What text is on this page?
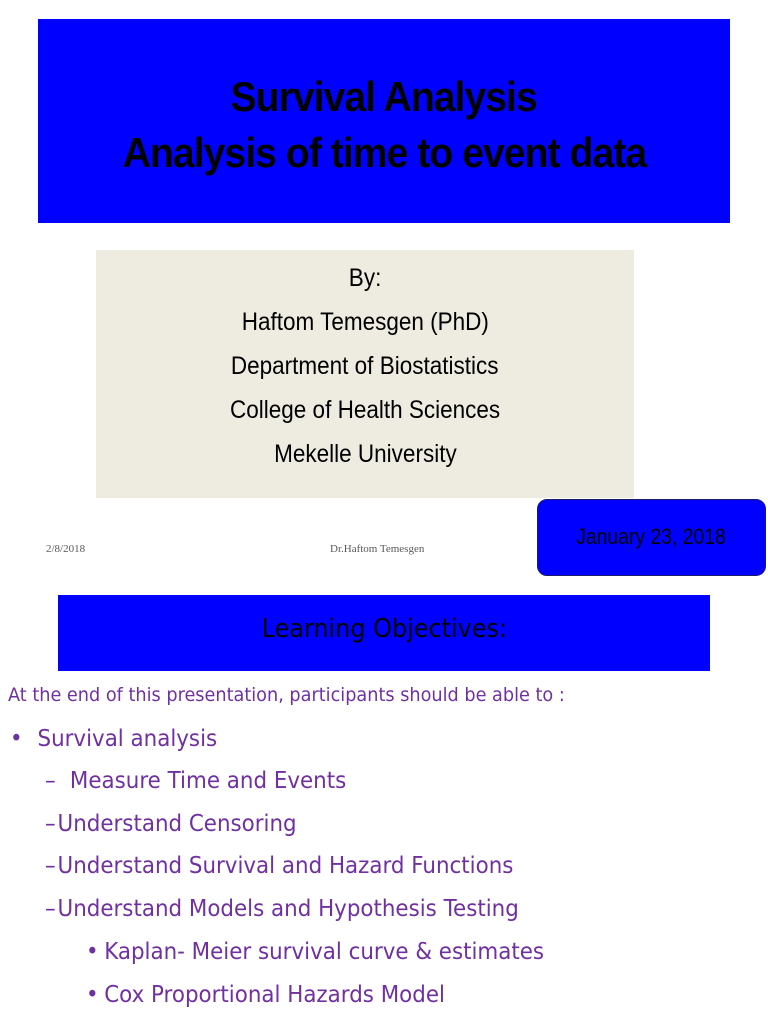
Survival Analysis
Analysis of time to event data
By:
Haftom Temesgen (PhD)
Department of Biostatistics
College of Health Sciences
Mekelle University
2/8/2018	Dr.Haftom Temesgen	January 23, 2018
Learning Objectives:
At the end of this presentation, participants should be able to :
• Survival analysis
– Measure Time and Events
–Understand Censoring
–Understand Survival and Hazard Functions
–Understand Models and Hypothesis Testing
• Kaplan- Meier survival curve & estimates
• Cox Proportional Hazards Model
